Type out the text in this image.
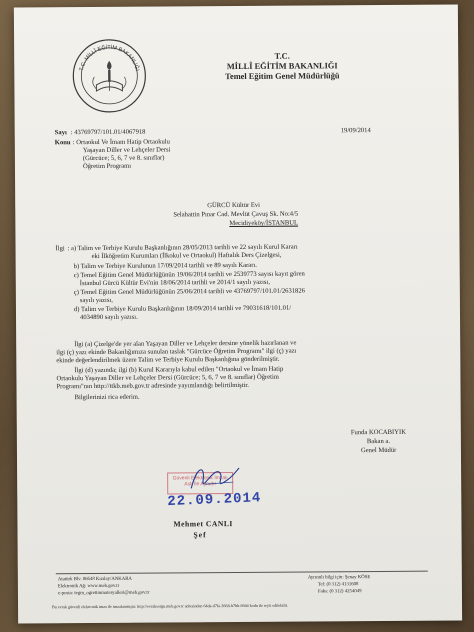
T.C. MİLLÎ EĞİTİM BAKANLIĞI
T.C.
MİLLÎ EĞİTİM BAKANLIĞI
Temel Eğitim Genel Müdürlüğü
Sayı : 43769797/101.01/4067918	19/09/2014
Konu : Ortaokul Ve İmam Hatip Ortaokulu
Yaşayan Diller ve Lehçeler Dersi
(Gürcüce; 5, 6, 7 ve 8. sınıflar)
Öğretim Programı
GÜRCÜ Kültür Evi
Selahattin Pınar Cad. Mevlüt Çavuş Sk. No:4/5
Mecidiyeköy/İSTANBUL
İlgi : a) Talim ve Terbiye Kurulu Başkanlığının 28/05/2013 tarihli ve 22 sayılı Kurul Kararı
eki İlköğretim Kurumları (İlkokul ve Ortaokul) Haftalık Ders Çizelgesi,
b) Talim ve Terbiye Kurulunun 17/09/2014 tarihli ve 89 sayılı Kararı.
c) Temel Eğitim Genel Müdürlüğünün 19/06/2014 tarihli ve 2539773 sayısı kayıt gören
İstanbul Gürcü Kültür Evi'nin 18/06/2014 tarihli ve 2014/1 sayılı yazısı,
ç) Temel Eğitim Genel Müdürlüğünün 25/06/2014 tarihli ve 43769797/101.01/2631826
sayılı yazısı,
d) Talim ve Terbiye Kurulu Başkanlığının 18/09/2014 tarihli ve 79031618/101.01/
4034890 sayılı yazısı.
İlgi (a) Çizelge'de yer alan Yaşayan Diller ve Lehçeler dersine yönelik hazırlanan ve
ilgi (ç) yazı ekinde Bakanlığımıza sunulan taslak "Gürcüce Öğretim Programı" ilgi (ç) yazı
ekinde değerlendirilmek üzere Talim ve Terbiye Kurulu Başkanlığına gönderilmiştir.
İlgi (d) yazında; ilgi (b) Kurul Kararıyla kabul edilen "Ortaokul ve İmam Hatip
Ortaokulu Yaşayan Diller ve Lehçeler Dersi (Gürcüce; 5, 6, 7 ve 8. sınıflar) Öğretim
Programı"nın http://ttkb.meb.gov.tr adresinde yayımlandığı belirtilmiştir.
Bilgilerinizi rica ederim.
Funda KOCABIYIK
Bakan a.
Genel Müdür
Güvenli Elektronik İmzalı
Aslı İle Aynıdır
22.09.2014
Mehmet CANLI
Şef
Atatürk Blv. 06648 Kızılay/ANKARA
Elektronik Ağ: www.meb.gov.tr
e-posta: tegm_ogretimmateryalleri@meb.gov.tr
Ayrıntılı bilgi için: Şenay KÖSE
Tel: (0 312) 4131608
Faks: (0 312) 4254049
Bu evrak güvenli elektronik imza ile imzalanmıştır. http://evraksorgu.meb.gov.tr adresinden 64da-d7fa-3668-b7bb-8044 kodu ile teyit edilebilir.
